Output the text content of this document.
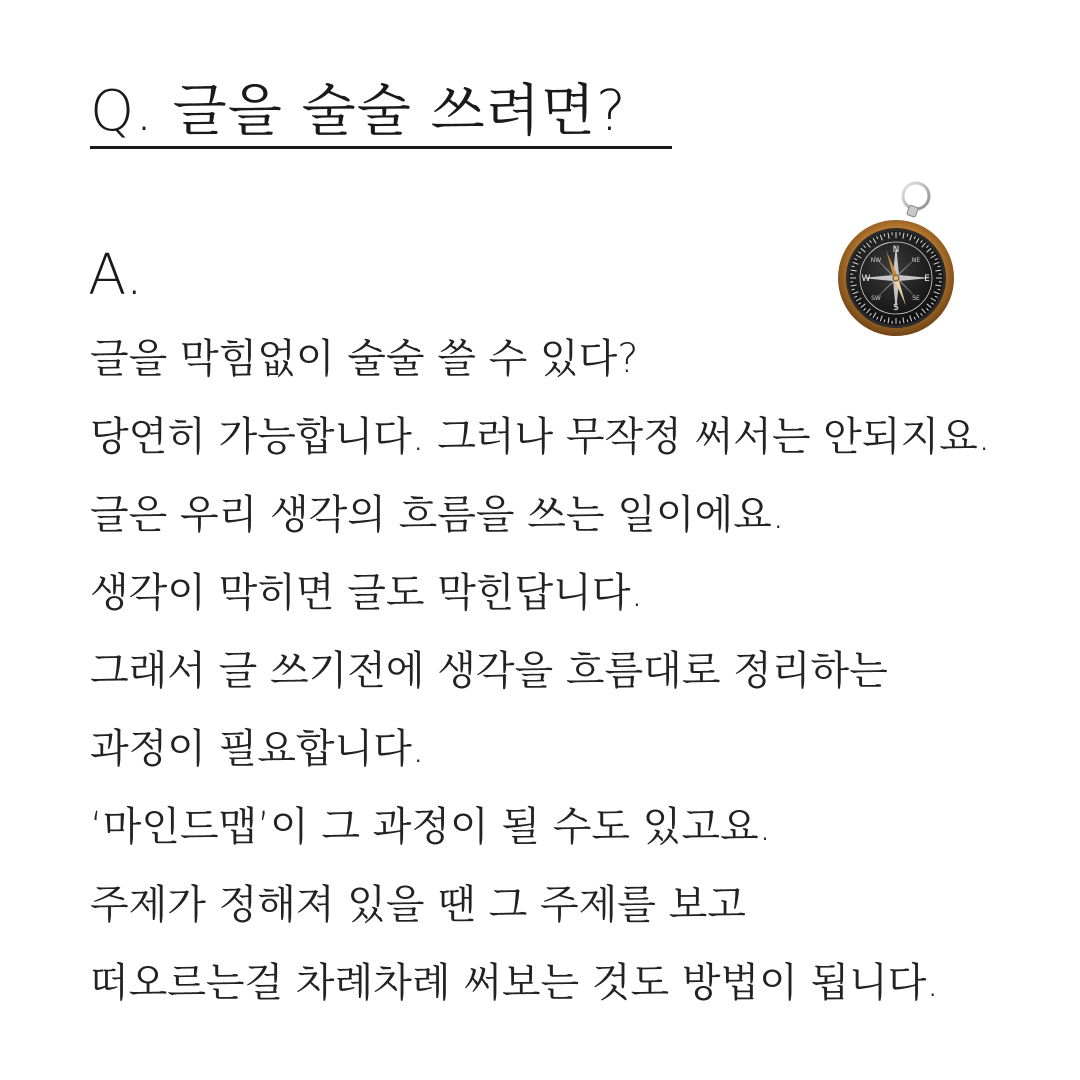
Q. 글을 술술 쓰려면?
A.	N
E
S
W
NE
NW
SE
SW
글을 막힘없이 술술 쓸 수 있다?
당연히 가능합니다. 그러나 무작정 써서는 안되지요.
글은 우리 생각의 흐름을 쓰는 일이에요.
생각이 막히면 글도 막힌답니다.
그래서 글 쓰기전에 생각을 흐름대로 정리하는
과정이 필요합니다.
‘마인드맵’이 그 과정이 될 수도 있고요.
주제가 정해져 있을 땐 그 주제를 보고
떠오르는걸 차례차례 써보는 것도 방법이 됩니다.
